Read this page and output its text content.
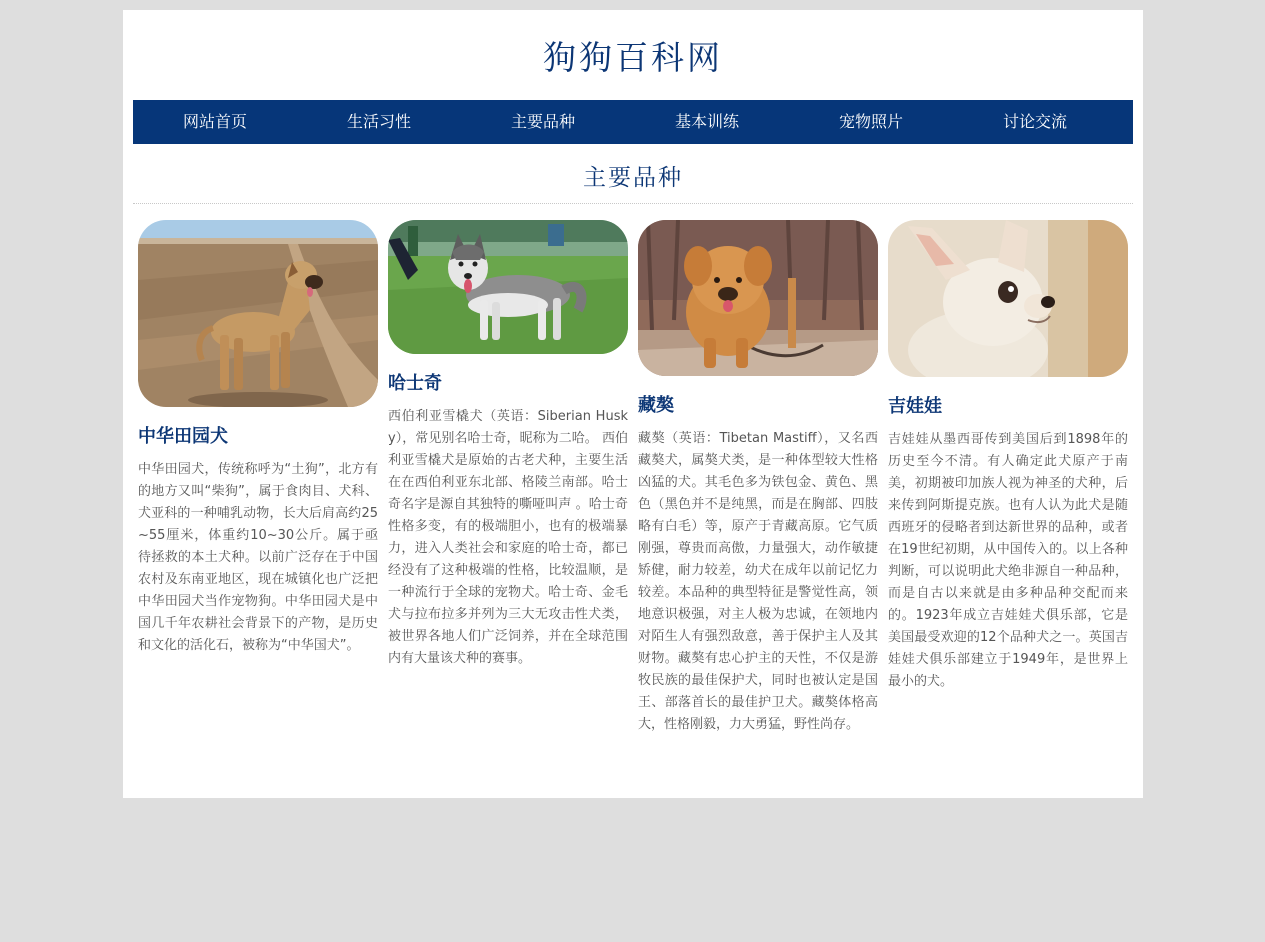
狗狗百科网
网站首页	生活习性	主要品种	基本训练	宠物照片	讨论交流
主要品种
中华田园犬
中华田园犬，传统称呼为“土狗”，北方有的地方又叫“柴狗”，属于食肉目、犬科、犬亚科的一种哺乳动物，长大后肩高约25~55厘米，体重约10~30公斤。属于亟待拯救的本土犬种。以前广泛存在于中国农村及东南亚地区，现在城镇化也广泛把中华田园犬当作宠物狗。中华田园犬是中国几千年农耕社会背景下的产物，是历史和文化的活化石，被称为“中华国犬”。
哈士奇
西伯利亚雪橇犬（英语：Siberian Husky），常见别名哈士奇，昵称为二哈。 西伯利亚雪橇犬是原始的古老犬种，主要生活在在西伯利亚东北部、格陵兰南部。哈士奇名字是源自其独特的嘶哑叫声 。哈士奇性格多变，有的极端胆小，也有的极端暴力，进入人类社会和家庭的哈士奇，都已经没有了这种极端的性格，比较温顺，是一种流行于全球的宠物犬。哈士奇、金毛犬与拉布拉多并列为三大无攻击性犬类， 被世界各地人们广泛饲养，并在全球范围内有大量该犬种的赛事。
藏獒
藏獒（英语：Tibetan Mastiff），又名西藏獒犬，属獒犬类，是一种体型较大性格凶猛的犬。其毛色多为铁包金、黄色、黑色（黑色并不是纯黑，而是在胸部、四肢略有白毛）等，原产于青藏高原。它气质刚强，尊贵而高傲，力量强大，动作敏捷矫健，耐力较差，幼犬在成年以前记忆力较差。本品种的典型特征是警觉性高，领地意识极强，对主人极为忠诚，在领地内对陌生人有强烈敌意，善于保护主人及其财物。藏獒有忠心护主的天性，不仅是游牧民族的最佳保护犬，同时也被认定是国王、部落首长的最佳护卫犬。藏獒体格高大，性格刚毅，力大勇猛，野性尚存。
吉娃娃
吉娃娃从墨西哥传到美国后到1898年的历史至今不清。有人确定此犬原产于南美，初期被印加族人视为神圣的犬种，后来传到阿斯提克族。也有人认为此犬是随西班牙的侵略者到达新世界的品种，或者在19世纪初期，从中国传入的。以上各种判断，可以说明此犬绝非源自一种品种，而是自古以来就是由多种品种交配而来的。1923年成立吉娃娃犬俱乐部，它是美国最受欢迎的12个品种犬之一。英国吉娃娃犬俱乐部建立于1949年，是世界上最小的犬。
